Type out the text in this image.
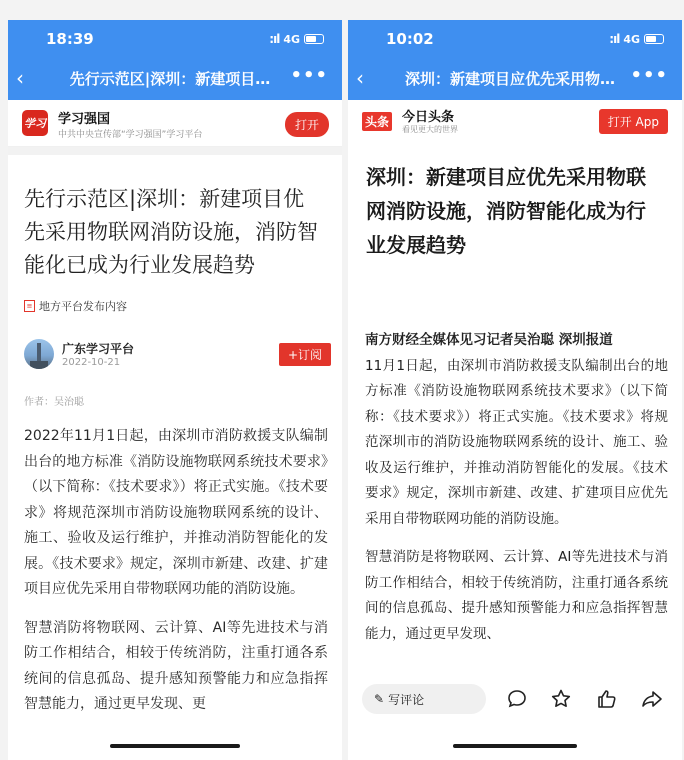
18:39	:ıl 4G
‹	先行示范区|深圳：新建项目…	•••
学习 学习强国
中共中央宣传部“学习强国”学习平台
打开
先行示范区|深圳：新建项目优先采用物联网消防设施，消防智能化已成为行业发展趋势
≡ 地方平台发布内容
广东学习平台
2022-10-21
+订阅
作者：吴治聪

2022年11月1日起，由深圳市消防救援支队编制出台的地方标准《消防设施物联网系统技术要求》（以下简称：《技术要求》）将正式实施。《技术要求》将规范深圳市消防设施物联网系统的设计、施工、验收及运行维护，并推动消防智能化的发展。《技术要求》规定，深圳市新建、改建、扩建项目应优先采用自带物联网功能的消防设施。

智慧消防将物联网、云计算、AI等先进技术与消防工作相结合，相较于传统消防，注重打通各系统间的信息孤岛、提升感知预警能力和应急指挥智慧能力，通过更早发现、更

10:02	:ıl 4G
‹	深圳：新建项目应优先采用物… •••
头条 今日头条
看见更大的世界
打开 App
深圳：新建项目应优先采用物联网消防设施，消防智能化成为行业发展趋势

南方财经全媒体见习记者吴治聪 深圳报道
11月1日起，由深圳市消防救援支队编制出台的地方标准《消防设施物联网系统技术要求》（以下简称：《技术要求》）将正式实施。《技术要求》将规范深圳市的消防设施物联网系统的设计、施工、验收及运行维护，并推动消防智能化的发展。《技术要求》规定，深圳市新建、改建、扩建项目应优先采用自带物联网功能的消防设施。

智慧消防是将物联网、云计算、AI等先进技术与消防工作相结合，相较于传统消防，注重打通各系统间的信息孤岛、提升感知预警能力和应急指挥智慧能力，通过更早发现、

✎ 写评论
